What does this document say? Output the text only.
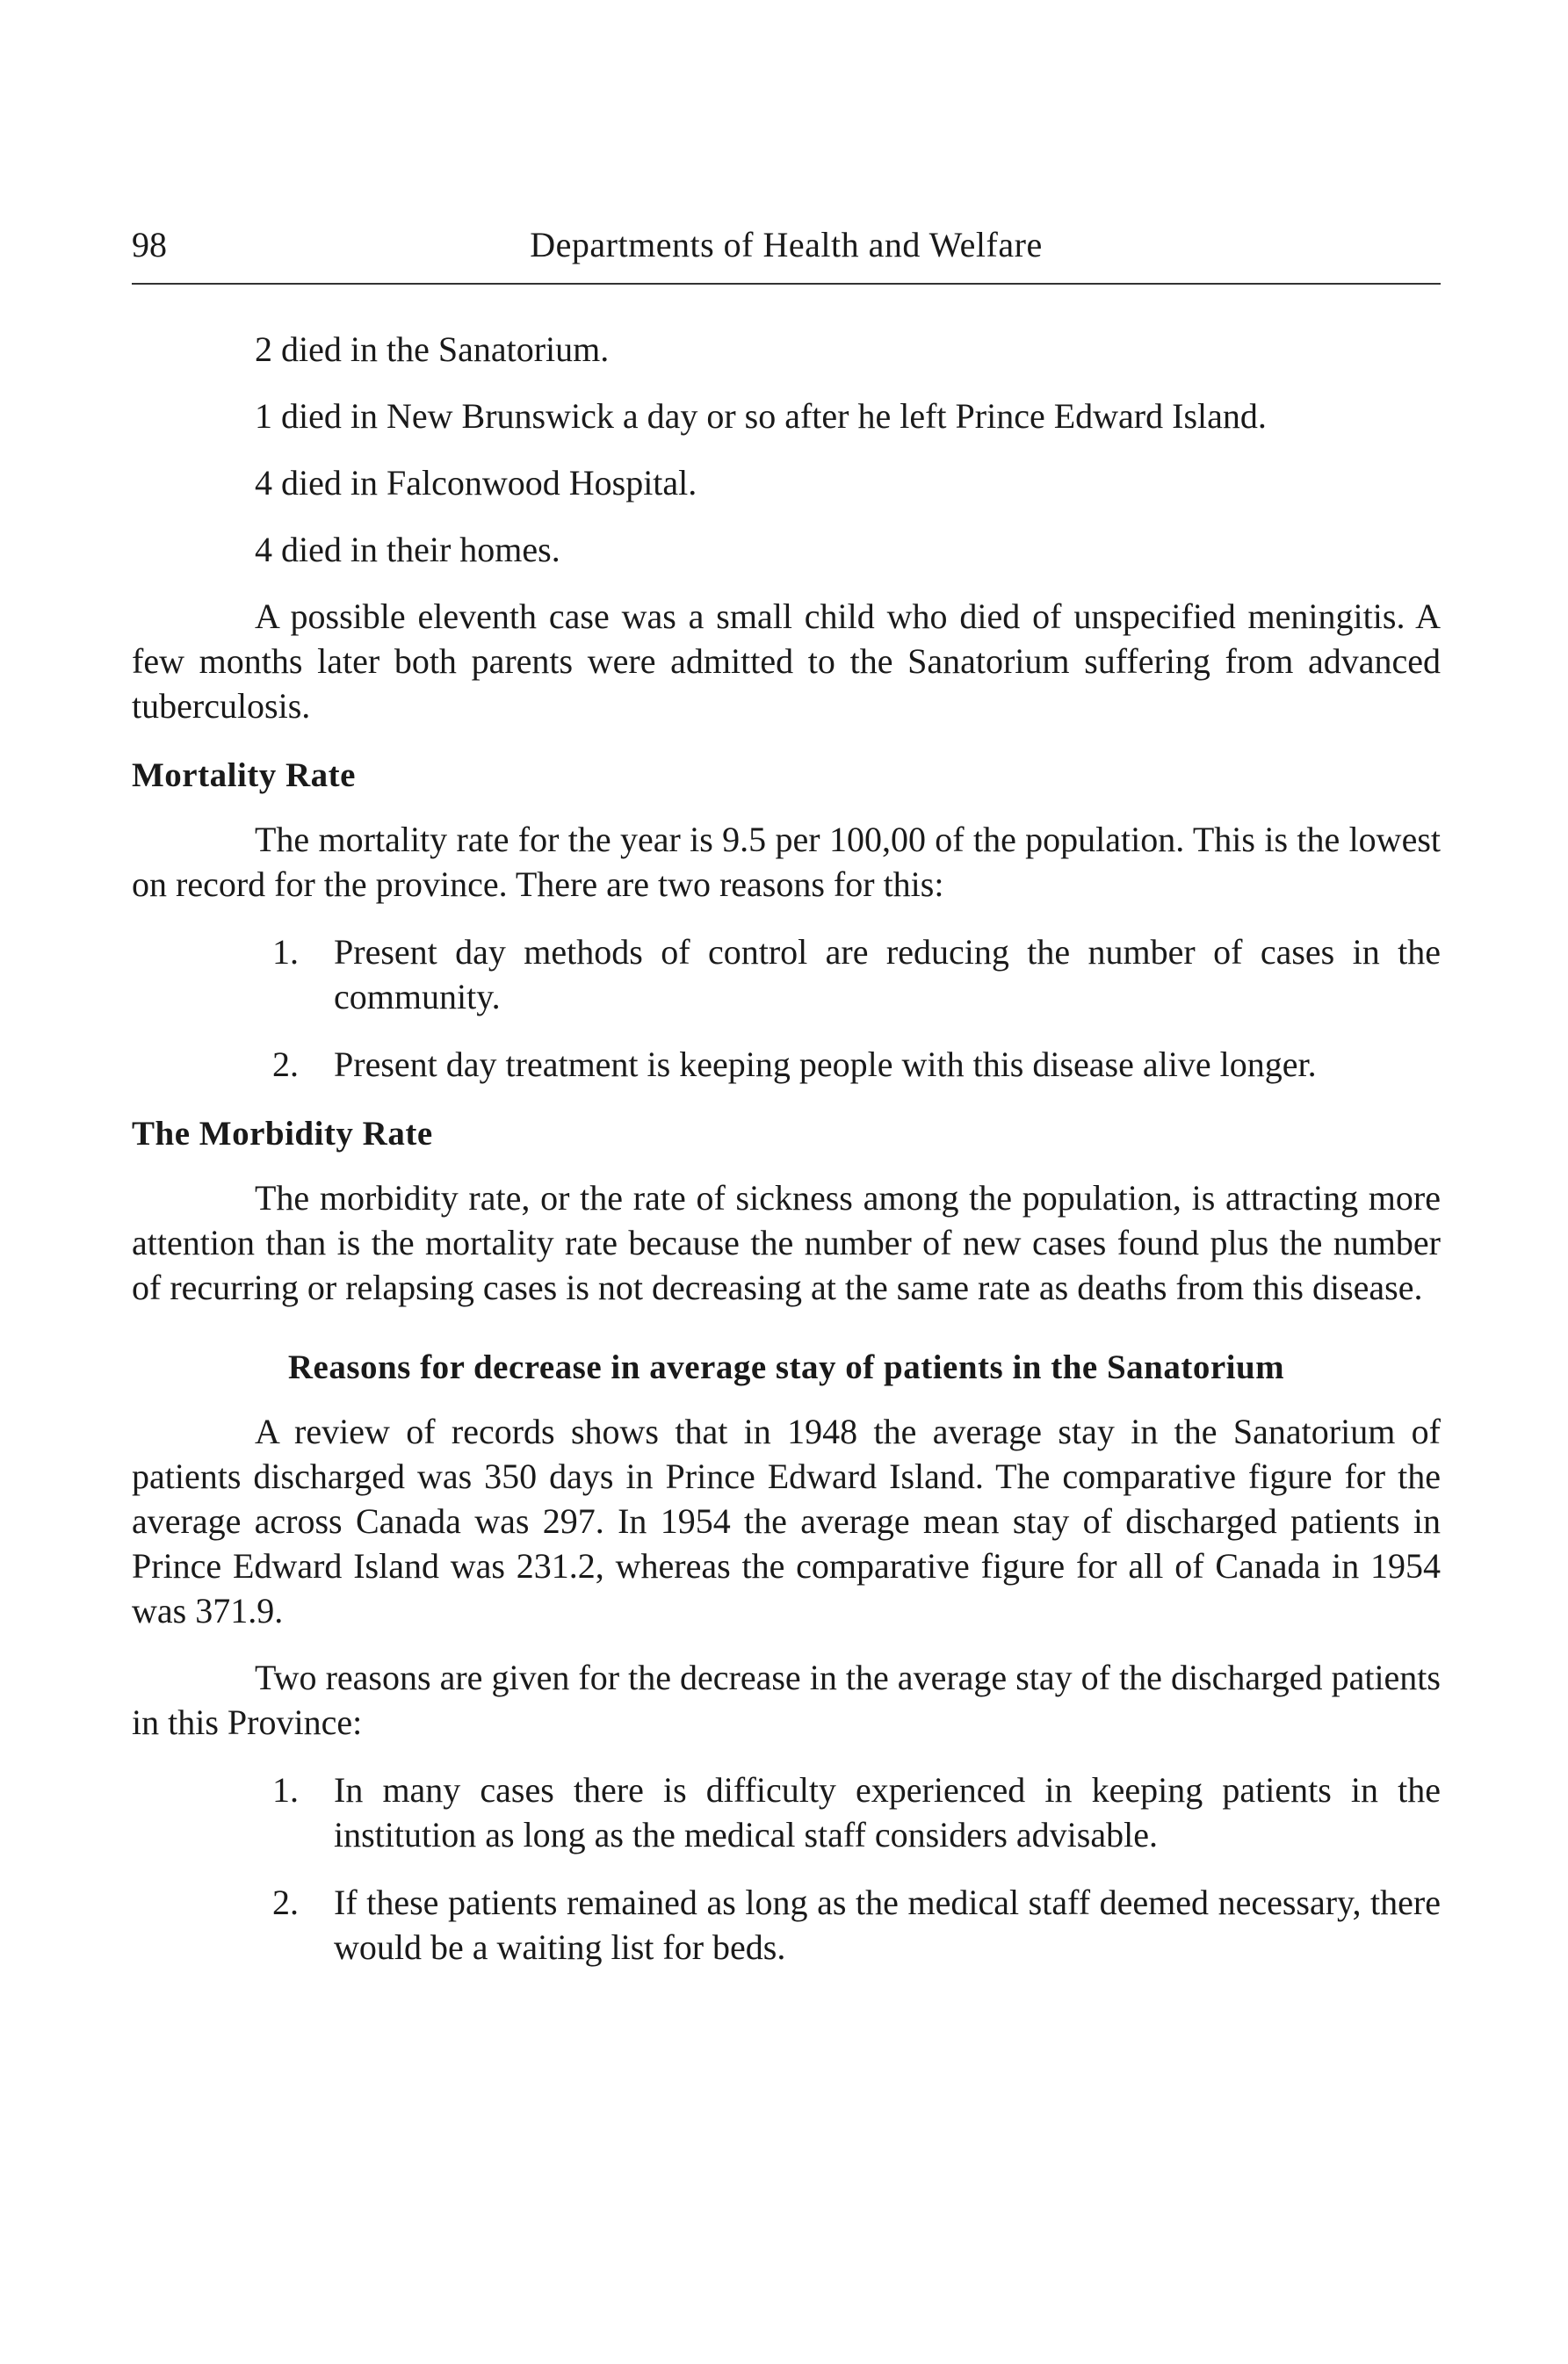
98	Departments of Health and Welfare

2 died in the Sanatorium.

1 died in New Brunswick a day or so after he left Prince Edward Island.

4 died in Falconwood Hospital.

4 died in their homes.

A possible eleventh case was a small child who died of unspecified meningitis. A few months later both parents were admitted to the Sanatorium suffering from advanced tuberculosis.

Mortality Rate

The mortality rate for the year is 9.5 per 100,00 of the population. This is the lowest on record for the province. There are two reasons for this:

1.	Present day methods of control are reducing the number of cases in the community.
2.	Present day treatment is keeping people with this disease alive longer.
The Morbidity Rate

The morbidity rate, or the rate of sickness among the population, is attracting more attention than is the mortality rate because the number of new cases found plus the number of recurring or relapsing cases is not decreasing at the same rate as deaths from this disease.

Reasons for decrease in average stay of patients in the Sanatorium

A review of records shows that in 1948 the average stay in the Sanatorium of patients discharged was 350 days in Prince Edward Island. The comparative figure for the average across Canada was 297. In 1954 the average mean stay of discharged patients in Prince Edward Island was 231.2, whereas the comparative figure for all of Canada in 1954 was 371.9.

Two reasons are given for the decrease in the average stay of the discharged patients in this Province:

1.	In many cases there is difficulty experienced in keeping patients in the institution as long as the medical staff considers advisable.
2.	If these patients remained as long as the medical staff deemed necessary, there would be a waiting list for beds.
